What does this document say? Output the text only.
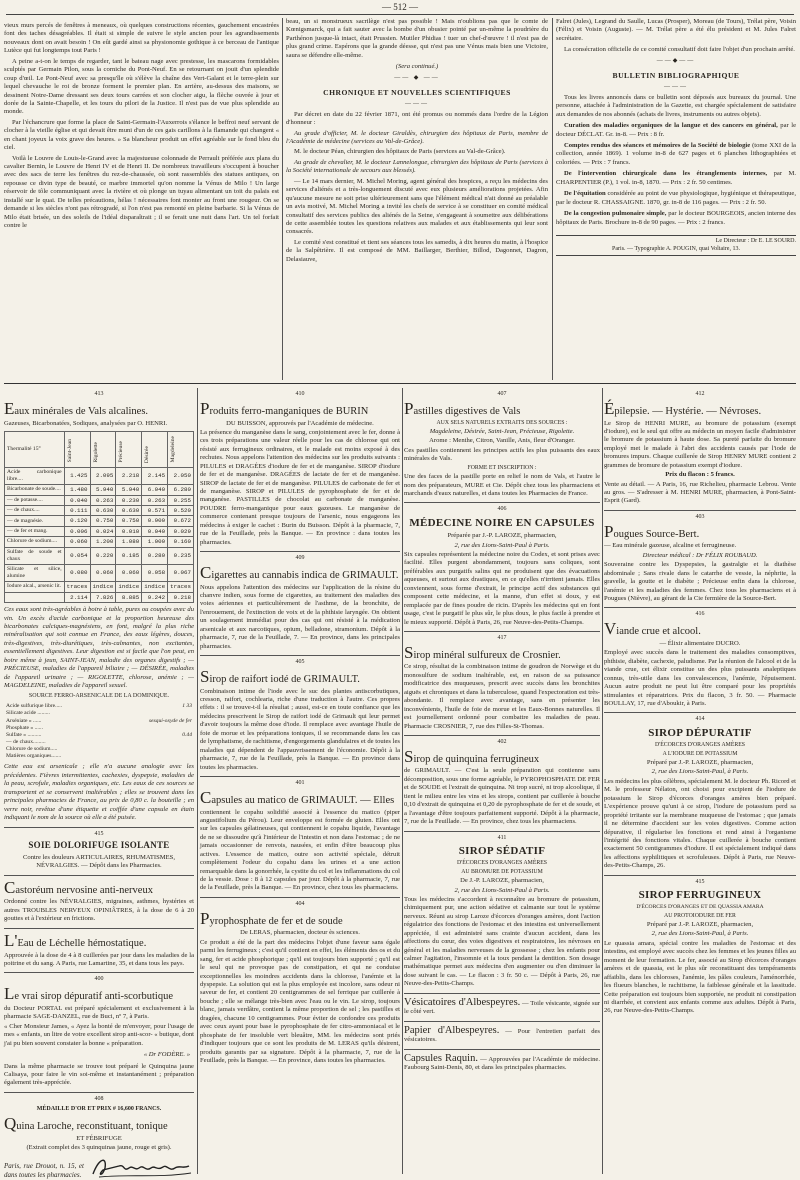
— 512 —

vieux murs percés de fenêtres à meneaux, où quelques constructions récentes, gauchement encastrées font des taches désagréables. Il était si simple de suivre le style ancien pour les agrandissements nouveaux dont on avait besoin ! On eût gardé ainsi sa physionomie gothique à ce berceau de l'antique Lutèce qui fut longtemps tout Paris !

A peine a-t-on le temps de regarder, tant le bateau nage avec prestesse, les mascarons formidables sculptés par Germain Pilon, sous la corniche du Pont-Neuf. En se retournant on jouit d'un splendide coup d'œil. Le Pont-Neuf avec sa presqu'île où s'élève la chaîne des Vert-Galant et le terre-plein sur lequel chevauche le roi de bronze forment le premier plan. En arrière, au-dessus des maisons, se dessinent Notre-Dame dressant ses deux tours carrées et son clocher aigu, la flèche ouvrée à jour et dorée de la Sainte-Chapelle, et les tours du pilori de la Justice. Il n'est pas de vue plus splendide au monde.

Par l'échancrure que forme la place de Saint-Germain-l'Auxerrois s'élance le beffroi neuf servant de clocher à la vieille église et qui devait être muni d'un de ces gais carillons à la flamande qui changent « en chant joyeux la voix grave des heures. » Sa blancheur produit un effet agréable sur le fond bleu du ciel.

Voilà le Louvre de Louis-le-Grand avec la majestueuse colonnade de Perrault préférée aux plans du cavalier Bernin, le Louvre de Henri IV et de Henri II. De nombreux travailleurs s'occupent à boucher avec des sacs de terre les fenêtres du rez-de-chaussée, où sont rassemblés des statues antiques, on repousse ce divin type de beauté, ce marbre immortel qu'on nomme la Vénus de Milo ! Un large réservoir de tôle communiquant avec la rivière et où plonge un tuyau alimentant un toit du palais est installé sur le quai. De telles précautions, hélas ! nécessaires font monter au front une rougeur. On se demande si les siècles n'ont pas rétrogradé, si l'on n'est pas remonté en pleine barbarie. Si la Vénus de Milo était brisée, un des soleils de l'idéal disparaîtrait ; il se ferait une nuit dans l'art. Un tel forfait contre le

beau, un si monstrueux sacrilège n'est pas possible ! Mais n'oublions pas que le comte de Kœnigsmarck, qui a fait sauter avec la bombe d'un obusier pointé par un-même la poudrière du Parthénon jusque-là intact, était Prussien. Mutiler Phidias ! tuer un chef-d'œuvre ! il n'est pas de plus grand crime. Espérons que la grande déesse, qui n'est pas une Vénus mais bien une Victoire, saura se défendre elle-même.

(Sera continué.)
—— ◆ ——
CHRONIQUE ET NOUVELLES SCIENTIFIQUES
———

Par décret en date du 22 février 1871, ont été promus ou nommés dans l'ordre de la Légion d'honneur :

Au grade d'officier, M. le docteur Giraldès, chirurgien des hôpitaux de Paris, membre de l'Académie de médecine (services au Val-de-Grâce).

M. le docteur Péan, chirurgien des hôpitaux de Paris (services au Val-de-Grâce).

Au grade de chevalier, M. le docteur Lannelongue, chirurgien des hôpitaux de Paris (services à la Société internationale de secours aux blessés).

— Le 14 mars dernier, M. Michel Moring, agent général des hospices, a reçu les médecins des services d'aliénés et a très-longuement discuté avec eux plusieurs améliorations projetées. Afin qu'aucune mesure ne soit prise ultérieurement sans que l'élément médical n'ait donné au préalable un avis motivé, M. Michel Moring a invité les chefs de service à se constituer en comité médical consultatif des services publics des aliénés de la Seine, s'engageant à soumettre aux délibérations de cette assemblée toutes les questions relatives aux malades et aux établissements qui leur sont consacrés.

Le comité s'est constitué et tient ses séances tous les samedis, à dix heures du matin, à l'hospice de la Salpêtrière. Il est composé de MM. Baillarger, Berthier, Billod, Dagonnet, Dagron, Delasiauve,

Falret (Jules), Legrand du Saulle, Lucas (Prosper), Moreau (de Tours), Trélat père, Voisin (Félix) et Voisin (Auguste). — M. Trélat père a été élu président et M. Jules Falret secrétaire.

La consécration officielle de ce comité consultatif doit faire l'objet d'un prochain arrêté.

——◆——
BULLETIN BIBLIOGRAPHIQUE
———

Tous les livres annoncés dans ce bulletin sont déposés aux bureaux du journal. Une personne, attachée à l'administration de la Gazette, est chargée spécialement de satisfaire aux demandes de nos abonnés (achats de livres, instruments ou autres objets).

Curation des maladies organiques de la langue et des cancers en général, par le docteur DÉCLAT. Gr. in-8. — Prix : 8 fr.

Comptes rendus des séances et mémoires de la Société de biologie (tome XXI de la collection, année 1869). 1 volume in-8 de 627 pages et 6 planches lithographiées et coloriées. — Prix : 7 francs.

De l'intervention chirurgicale dans les étranglements internes, par M. CHARPENTIER (P.), 1 vol. in-8, 1870. — Prix : 2 fr. 50 centimes.

De l'équitation considérée au point de vue physiologique, hygiénique et thérapeutique, par le docteur R. CHASSAIGNE. 1870, gr. in-8 de 116 pages. — Prix : 2 fr. 50.

De la congestion pulmonaire simple, par le docteur BOURGEOIS, ancien interne des hôpitaux de Paris. Brochure in-8 de 90 pages. — Prix : 2 francs.

Le Directeur : Dr E. LE SOURD.
Paris. — Typographie A. POUGIN, quai Voltaire, 13.
413
Eaux minérales de Vals alcalines.

Gazeuses, Bicarbonatées, Sodiques, analysées par O. HENRI.

Thermalité 15°	Saint-Jean	Rigolette	Précieuse	Désirée	Magdeleine
Acide carbonique libre....	1.425	2.095	2.218	2.145	2.050
Bicarbonate de soude....	1.480	5.940	5.940	6.040	6.280
— de potasse....	0.040	0.263	0.230	0.263	0.255
— de chaux....	0.111	0.630	0.630	0.571	0.520
— de magnésie.	0.120	0.750	0.750	0.900	0.672
— de fer et mang.	0.006	0.024	0.010	0.040	0.029
Chlorure de sodium....	0.060	1.200	1.080	1.000	0.160
Sulfate de soude et chaux	0.054	0.220	0.185	0.280	0.235
Silicate et silice, alumine	0.080	0.060	0.060	0.058	0.067
Iodure alcal., arsenic lit.	traces	indice	indice	indice	traces
	2.114	7.826	8.885	9.242	9.218

Ces eaux sont très-agréables à boire à table, pures ou coupées avec du vin. Un excès d'acide carbonique et la proportion heureuse des bicarbonates calciques-magnésiens, en font, malgré la plus riche minéralisation qui soit connue en France, des eaux légères, douces, très-digestives, très-diurétiques, très-calmantes, non excitantes, essentiellement digestives. Leur digestion est si facile que l'on peut, en boire même à jeun, SAINT-JEAN, maladie des organes digestifs ; — PRÉCIEUSE, maladies de l'appareil biliaire ; — DÉSIRÉE, maladies de l'appareil urinaire ; — RIGOLETTE, chlorose, anémie ; — MAGDELEINE, maladies de l'appareil sexuel.

SOURCE FERRO-ARSENICALE DE LA DOMINIQUE.

Acide sulfurique libre.....	1 33
Silicate acide .........	
Arséniate » ......	sesqui-oxyde de fer
Phosphate » ......	
Sulfate » ..........	0.44
— de chaux.........	
Chlorure de sodium.....	
Matières organiques.......	

Cette eau est arsenicale ; elle n'a aucune analogie avec les précédentes. Fièvres intermittentes, cachexies, dyspepsie, maladies de la peau, scrofule, maladies organiques, etc. Les eaux de ces sources se transportent et se conservent inaltérables ; elles se trouvent dans les principales pharmacies de France, au prix de 0,80 c. la bouteille ; en verre noir, revêtue d'une étiquette et coiffée d'une capsule en étain indiquant le nom de la source où elle a été puisée.

415
SOIE DOLORIFUGE ISOLANTE

Contre les douleurs ARTICULAIRES, RHUMATISMES, NÉVRALGIES. — Dépôt dans les Pharmacies.

Castoréum nervosine anti-nerveux

Ordonné contre les NÉVRALGIES, migraines, asthmes, hystéries et autres TROUBLES NERVEUX OPINIÂTRES, à la dose de 6 à 20 gouttes et à l'extérieur en frictions.

L'Eau de Léchelle hémostatique.

Approuvée à la dose de 4 à 8 cuillerées par jour dans les maladies de la poitrine et du sang. A Paris, rue Lamartine, 35, et dans tous les pays.

400
Le vrai sirop dépuratif anti-scorbutique

du Docteur PORTAL est préparé spécialement et exclusivement à la pharmacie SAGE-DANZEL, rue de Buci, nº 7, à Paris.

« Cher Monsieur James, « Ayez la bonté de m'envoyer, pour l'usage de mes « enfants, un litre de votre excellent sirop anti-scor- « butique, dont j'ai pu bien souvent constater la bonne « préparation.

« Dr FODÈRE. »

Dans la même pharmacie se trouve tout préparé le Quinquina jaune Calisaya, pour faire le vin soi-même et instantanément ; préparation également très-appréciée.

408
MÉDAILLE D'OR ET PRIX # 16,600 FRANCS.
Quina Laroche, reconstituant, tonique
ET FÉBRIFUGE

(Extrait complet des 3 quinquinas jaune, rouge et gris).

Paris, rue Drouot, n. 15, et dans toutes les pharmacies.
410
Produits ferro-manganiques de BURIN

DU BUISSON, approuvés par l'Académie de médecine.

La présence du manganèse dans le sang, conjointement avec le fer, donne à ces trois préparations une valeur réelle pour les cas de chlorose qui ont résisté aux ferrugineux ordinaires, et le malade est moins exposé à des rechutes. Nous appelons l'attention des médecins sur les produits suivants : PILULES et DRAGÉES d'iodure de fer et de manganèse. SIROP d'iodure de fer et de manganèse. DRAGÉES de lactate de fer et de manganèse. SIROP de lactate de fer et de manganèse. PILULES de carbonate de fer et de manganèse. SIROP et PILULES de pyrophosphate de fer et de manganèse. PASTILLES de chocolat au carbonate de manganèse. POUDRE ferro-manganique pour eaux gazeuses. Le manganèse de commerce contenant presque toujours de l'arsenic, nous engageons les médecins à exiger le cachet : Burin du Buisson. Dépôt à la pharmacie, 7, rue de la Feuillade, près la Banque. — En province : dans toutes les pharmacies.

409
Cigarettes au cannabis indica de GRIMAULT.

Nous appelons l'attention des médecins sur l'application de la résine du chanvre indien, sous forme de cigarettes, au traitement des maladies des voies aériennes et particulièrement de l'asthme, de la bronchite, de l'enrouement, de l'extinction de voix et de la phthisie laryngée. On obtient un soulagement immédiat pour des cas qui ont résisté à la médication arsenicale et aux narcotiques, opium, belladone, stramonium. Dépôt à la pharmacie, 7, rue de la Feuillade, 7. — En province, dans les principales pharmacies.

405
Sirop de raifort iodé de GRIMAULT.

Combinaison intime de l'iode avec le suc des plantes antiscorbutiques, cresson, raifort, cochlearia, riche d'une traduction à l'autre. Ces propres effets : il se trouve-t-il la résultat ; aussi, est-ce en toute confiance que les médecins prescrivent le Sirop de raifort iodé de Grimault qui leur permet d'avoir toujours la même dose d'iode. Il remplace avec avantage l'huile de foie de morue et les préparations toniques, il se recommande dans les cas de lymphatisme, de rachitisme, d'engorgements glandulaires et de toutes les maladies qui dépendent de l'appauvrissement de l'économie. Dépôt à la pharmacie, 7, rue de la Feuillade, près la Banque. — En province dans toutes les pharmacies.

401
Capsules au matico de GRIMAULT. — Elles

contiennent le copahu solidifié associé à l'essence du matico (piper angustifolium du Pérou). Leur enveloppe est formée de gluten. Elles ont sur les capsules gélatineuses, qui contiennent le copahu liquide, l'avantage de ne se dissoudre qu'à l'intérieur de l'intestin et non dans l'estomac ; de ne jamais occasionner de renvois, nausées, et enfin d'être beaucoup plus actives. L'essence de matico, outre son activité spéciale, détruit complètement l'odeur du copahu dans les urines et a une action remarquable dans la gonorrhée, la cystite du col et les inflammations du col de la vessie. Dose : 8 à 12 capsules par jour. Dépôt à la pharmacie, 7, rue de la Feuillade, près la Banque. — En province, chez tous les pharmaciens.

404
Pyrophosphate de fer et de soude

De LERAS, pharmacien, docteur ès sciences.

Ce produit a été de la part des médecins l'objet d'une faveur sans égale parmi les ferrugineux ; c'est qu'il contient en effet, les éléments des os et du sang, fer et acide phosphorique ; qu'il est toujours bien supporté ; qu'il est le seul qui ne provoque pas de constipation, et qui ne conduise exceptionnelles les moindres accidents dans la chlorose, l'anémie et la dyspepsie. La solution qui est la plus employée est incolore, sans odeur ni saveur de fer, et contient 20 centigrammes de sel ferrique par cuillerée à bouche ; elle se mélange très-bien avec l'eau ou le vin. Le sirop, toujours blanc, jamais verdâtre, contient la même proportion de sel ; les pastilles et dragées, chacune 10 centigrammes. Pour éviter de confondre ces produits avec ceux ayant pour base le pyrophosphate de fer citro-ammoniacal et le phosphate de fer insoluble vert bleuâtre, MM. les médecins sont priés d'indiquer toujours que ce sont les produits de M. LERAS qu'ils désirent, produits garantis par sa signature. Dépôt à la pharmacie, 7, rue de la Feuillade, près la Banque. — En province, dans toutes les pharmacies.

407
Pastilles digestives de Vals

AUX SELS NATURELS EXTRAITS DES SOURCES :

Magdeleine, Désirée, Saint-Jean, Précieuse, Rigolette.

Arome : Menthe, Citron, Vanille, Anis, fleur d'Oranger.

Ces pastilles contiennent les principes actifs les plus puissants des eaux minérales de Vals.

FORME ET INSCRIPTION :

Une des faces de la pastille porte en relief le nom de Vals, et l'autre le nom des préparateurs, MURE et Cie. Dépôt chez tous les pharmaciens et marchands d'eaux naturelles, et dans toutes les Pharmacies de France.

406
MÉDECINE NOIRE EN CAPSULES

Préparée par J.-P. LAROZE, pharmacien,

2, rue des Lions-Saint-Paul à Paris.

Six capsules représentent la médecine noire du Codex, et sont prises avec facilité. Elles purgent abondamment, toujours sans coliques, sont préférables aux purgatifs salins qui ne produisent que des évacuations aqueuses, et surtout aux drastiques, en ce qu'elles n'irritent jamais. Elles conviennent, sous forme d'extrait, le principe actif des substances qui composent cette médecine, et la manne, d'un effet si doux, y est remplacée par de fines poudre de ricin. D'après les médecins qui en font usage, c'est le purgatif le plus sûr, le plus doux, le plus facile à prendre et le mieux supporté. Dépôt à Paris, 26, rue Neuve-des-Petits-Champs.

417
Sirop minéral sulfureux de Crosnier.

Ce sirop, résultat de la combinaison intime de goudron de Norwège et du monosulfure de sodium inaltérable, est, en raison de sa puissance modificatrice des muqueuses, prescrit avec succès dans les bronchites aiguës et chroniques et dans la tuberculose, quand l'expectoration est très-abondante. Il remplace avec avantage, sans en présenter les inconvénients, l'huile de foie de morue et les Eaux-Bonnes naturelles. Il est journellement ordonné pour combattre les maladies de peau. Pharmacie CROSNIER, 7, rue des Filles-St-Thomas.

402
Sirop de quinquina ferrugineux

de GRIMAULT. — C'est la seule préparation qui contienne sans décomposition, sous une forme agréable, le PYROPHOSPHATE DE FER et de SOUDE et l'extrait de quinquina. Ni trop sucré, ni trop alcoolique, il tient le milieu entre les vins et les sirops, contient par cuillerée à bouche 0,10 d'extrait de quinquina et 0,20 de pyrophosphate de fer et de soude, et a l'avantage d'être toujours parfaitement supporté. Dépôt à la pharmacie, 7, rue de la Feuillade. — En province, chez tous les pharmaciens.

411
SIROP SÉDATIF

D'ÉCORCES D'ORANGES AMÈRES

AU BROMURE DE POTASSIUM

De J.-P. LAROZE, pharmacien,

2, rue des Lions-Saint-Paul à Paris.

Tous les médecins s'accordent à reconnaître au bromure de potassium, chimiquement pur, une action sédative et calmante sur tout le système nerveux. Réuni au sirop Laroze d'écorces d'oranges amères, dont l'action régulatrice des fonctions de l'estomac et des intestins est universellement appréciée, il est administré sans crainte d'aucun accident, dans les affections du cœur, des voies digestives et respiratoires, les névroses en général et les maladies nerveuses de la grossesse ; chez les enfants pour calmer l'agitation, l'insomnie et la toux pendant la dentition. Son dosage mathématique permet aux médecins d'en augmenter ou d'en diminuer la dose suivant le cas. — Le flacon : 3 fr. 50 c. — Dépôt à Paris, 26, rue Neuve-des-Petits-Champs.

Vésicatoires d'Albespeyres. — Toile vésicante, signée sur le côté vert.
Papier d'Albespeyres. — Pour l'entretien parfait des vésicatoires.
Capsules Raquin. — Approuvées par l'Académie de médecine. Faubourg Saint-Denis, 80, et dans les principales pharmacies.
412
Épilepsie. — Hystérie. — Névroses.

Le Sirop de HENRI MURE, au bromure de potassium (exempt d'iodure), est le seul qui offre au médecin un moyen facile d'administrer le bromure de potassium à haute dose. Sa pureté parfaite du bromure employé met le malade à l'abri des accidents causés par l'iode de bromures impurs. Chaque cuillerée de Sirop HENRY MURE contient 2 grammes de bromure de potassium exempt d'iodure.

Prix du flacon : 5 francs.

Vente au détail. — A Paris, 16, rue Richelieu, pharmacie Lebrou. Vente au gros. — S'adresser à M. HENRI MURE, pharmacien, à Pont-Saint-Esprit (Gard).

403
Pougues Source-Bert.

— Eau minérale gazeuse, alcaline et ferrugineuse.

Directeur médical : Dr FÉLIX ROUBAUD.

Souveraine contre les Dyspepsies, la gastralgie et la diathèse abdominale ; Sans rivale dans le catarrhe de vessie, la néphrite, la gravelle, la goutte et le diabète ; Précieuse enfin dans la chlorose, l'anémie et les maladies des femmes. Chez tous les pharmaciens et à Pougues (Nièvre), au gérant de la Cie fermière de la Source-Bert.

416
Viande crue et alcool.

— Élixir alimentaire DUCRO.

Employé avec succès dans le traitement des maladies consomptives, phthisie, diabète, cachexie, paludisme. Par la réunion de l'alcool et de la viande crue, cet élixir constitue un des plus puissants analeptiques connus, très-utile dans les convalescences, l'anémie, l'épuisement. Aucun autre produit ne peut lui être comparé pour les propriétés stimulantes et réparatrices. Prix du flacon, 3 fr. 50. — Pharmacie BOULLAY, 17, rue d'Aboukir, à Paris.

414
SIROP DÉPURATIF

D'ÉCORCES D'ORANGES AMÈRES

A L'IODURE DE POTASSIUM

Préparé par J.-P. LAROZE, pharmacien,

2, rue des Lions-Saint-Paul, à Paris.

Les médecins les plus célèbres, spécialement M. le docteur Ph. Ricord et M. le professeur Nélaton, ont choisi pour excipient de l'iodure de potassium le Sirop d'écorces d'oranges amères bien préparé. L'expérience prouve qu'uni à ce sirop, l'iodure de potassium perd sa propriété irritante sur la membrane muqueuse de l'estomac ; que jamais il ne détermine d'accident sur les voies digestives. Comme action dépurative, il régularise les fonctions et rend ainsi à l'organisme l'intégrité des fonctions vitales. Chaque cuillerée à bouche contient exactement 50 centigrammes d'iodure. Il est spécialement indiqué dans les affections syphilitiques et scrofuleuses. Dépôt à Paris, rue Neuve-des-Petits-Champs, 26.

415
SIROP FERRUGINEUX

D'ÉCORCES D'ORANGES ET DE QUASSIA AMARA

AU PROTOIODURE DE FER

Préparé par J.-P. LAROZE, pharmacien,

2, rue des Lions-Saint-Paul, à Paris.

Le quassia amara, spécial contre les maladies de l'estomac et des intestins, est employé avec succès chez les femmes et les jeunes filles au moment de leur formation. Le fer, associé au Sirop d'écorces d'oranges amères et de quassia, est le plus sûr reconstituant des tempéraments affaiblis, dans les chloroses, l'anémie, les pâles couleurs, l'aménorrhée, les flueurs blanches, le rachitisme, la faiblesse générale et la lassitude. Cette préparation est toujours bien supportée, ne produit ni constipation ni diarrhée, et convient aux enfants comme aux adultes. Dépôt à Paris, 26, rue Neuve-des-Petits-Champs.
